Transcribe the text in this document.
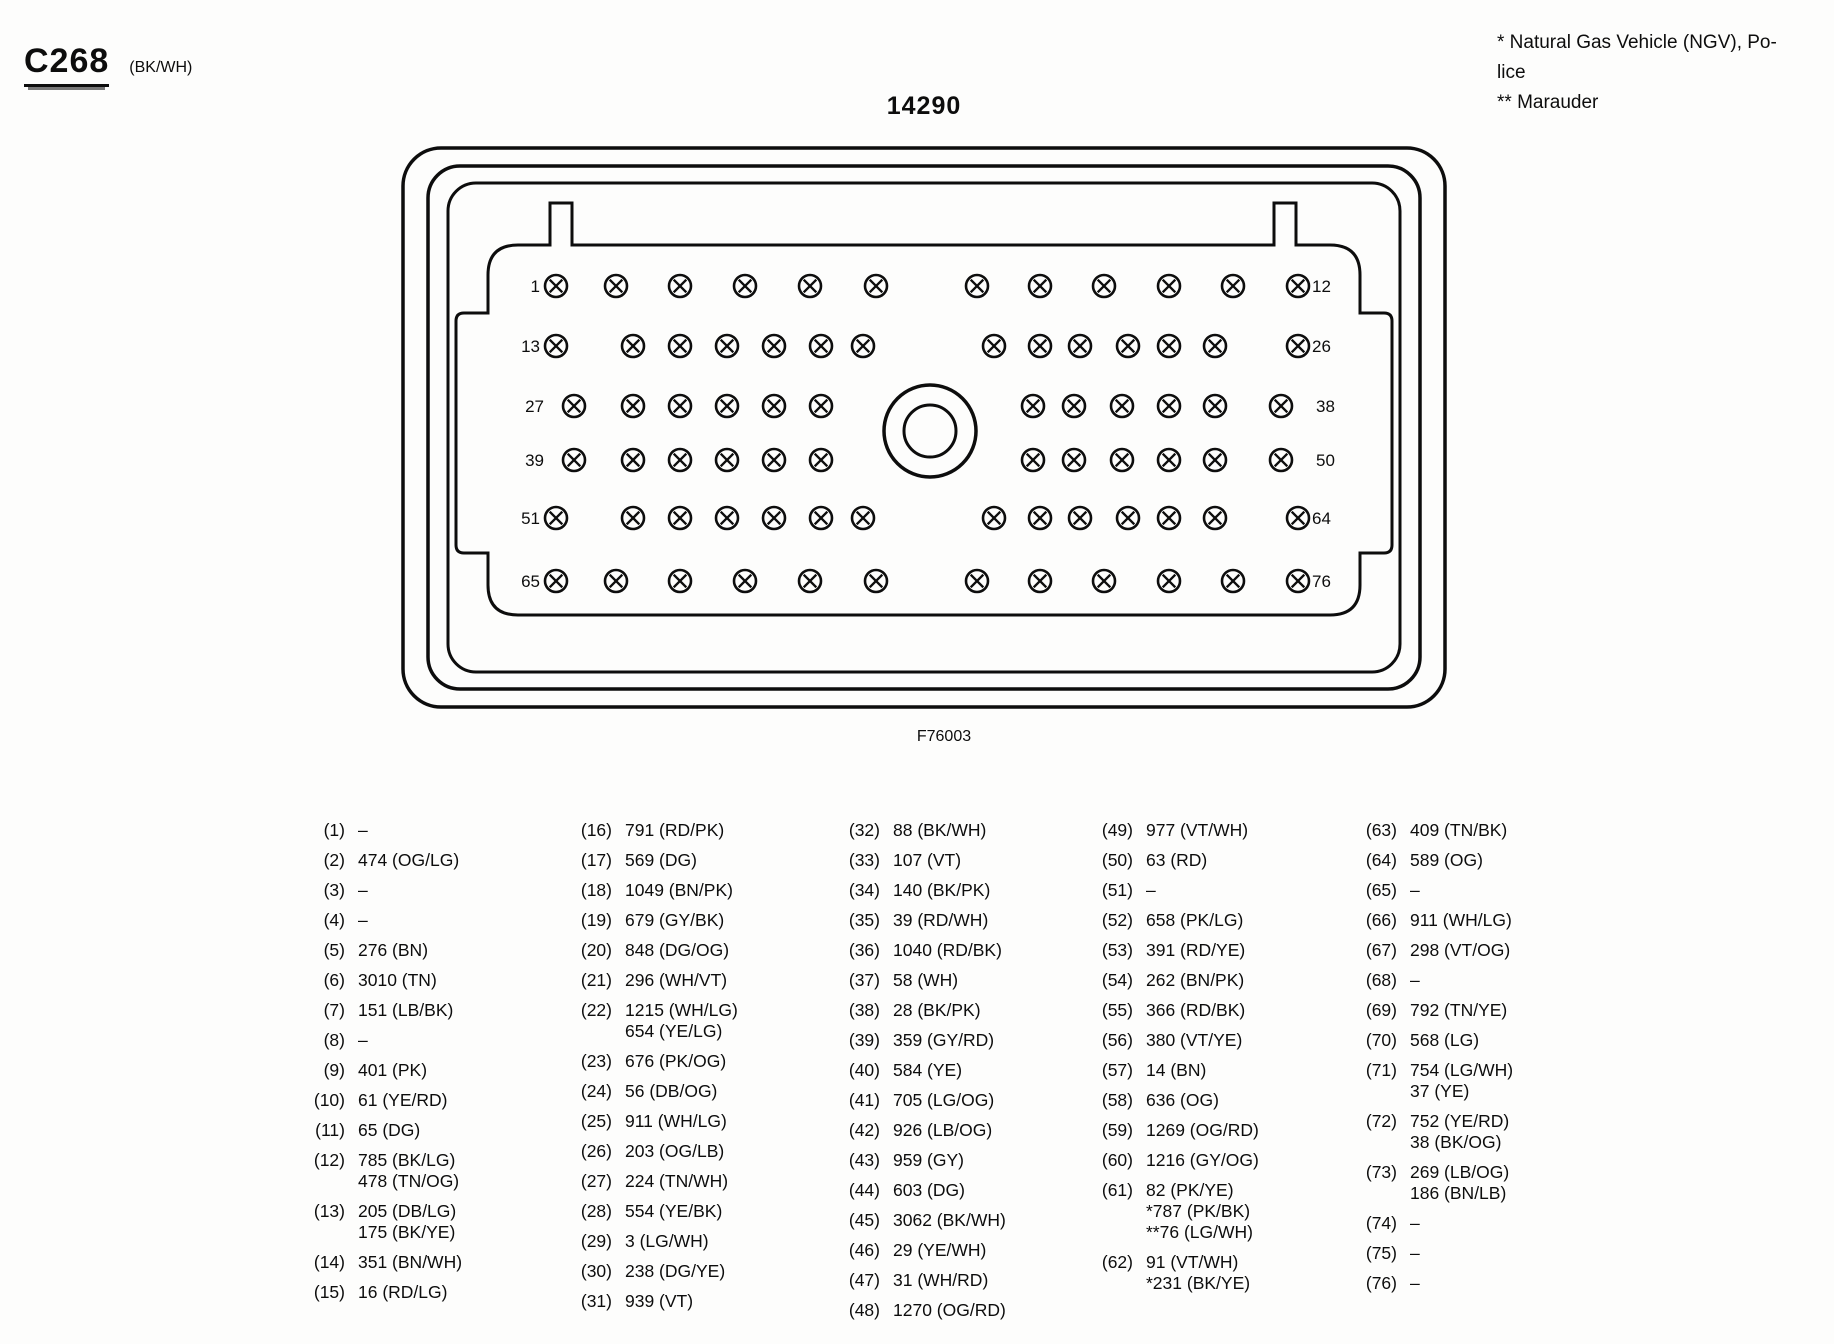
C268 (BK/WH)
* Natural Gas Vehicle (NGV), Po-
lice
** Marauder
14290
1	12
13	26
27	38
39	50
51	64
65	76
F76003
(1) –
(2) 474 (OG/LG)
(3) –
(4) –
(5) 276 (BN)
(6) 3010 (TN)
(7) 151 (LB/BK)
(8) –
(9) 401 (PK)
(10) 61 (YE/RD)
(11) 65 (DG)
(12) 785 (BK/LG)
478 (TN/OG)
(13) 205 (DB/LG)
175 (BK/YE)
(14) 351 (BN/WH)
(15) 16 (RD/LG)
(16) 791 (RD/PK)
(17) 569 (DG)
(18) 1049 (BN/PK)
(19) 679 (GY/BK)
(20) 848 (DG/OG)
(21) 296 (WH/VT)
(22) 1215 (WH/LG)
654 (YE/LG)
(23) 676 (PK/OG)
(24) 56 (DB/OG)
(25) 911 (WH/LG)
(26) 203 (OG/LB)
(27) 224 (TN/WH)
(28) 554 (YE/BK)
(29) 3 (LG/WH)
(30) 238 (DG/YE)
(31) 939 (VT)
(32) 88 (BK/WH)
(33) 107 (VT)
(34) 140 (BK/PK)
(35) 39 (RD/WH)
(36) 1040 (RD/BK)
(37) 58 (WH)
(38) 28 (BK/PK)
(39) 359 (GY/RD)
(40) 584 (YE)
(41) 705 (LG/OG)
(42) 926 (LB/OG)
(43) 959 (GY)
(44) 603 (DG)
(45) 3062 (BK/WH)
(46) 29 (YE/WH)
(47) 31 (WH/RD)
(48) 1270 (OG/RD)
(49) 977 (VT/WH)
(50) 63 (RD)
(51) –
(52) 658 (PK/LG)
(53) 391 (RD/YE)
(54) 262 (BN/PK)
(55) 366 (RD/BK)
(56) 380 (VT/YE)
(57) 14 (BN)
(58) 636 (OG)
(59) 1269 (OG/RD)
(60) 1216 (GY/OG)
(61) 82 (PK/YE)
*787 (PK/BK)
**76 (LG/WH)
(62) 91 (VT/WH)
*231 (BK/YE)
(63) 409 (TN/BK)
(64) 589 (OG)
(65) –
(66) 911 (WH/LG)
(67) 298 (VT/OG)
(68) –
(69) 792 (TN/YE)
(70) 568 (LG)
(71) 754 (LG/WH)
37 (YE)
(72) 752 (YE/RD)
38 (BK/OG)
(73) 269 (LB/OG)
186 (BN/LB)
(74) –
(75) –
(76) –
